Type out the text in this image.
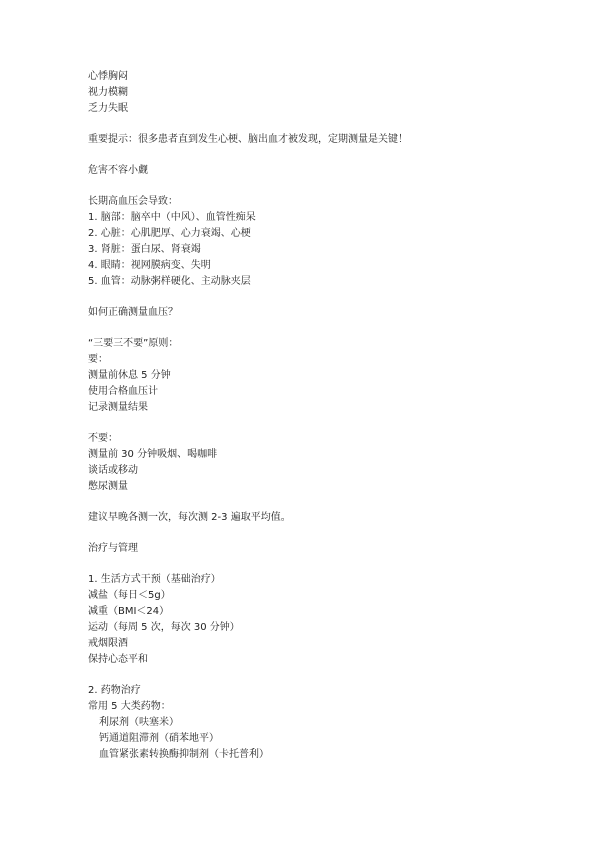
心悸胸闷
视力模糊
乏力失眠
重要提示：很多患者直到发生心梗、脑出血才被发现，定期测量是关键！
危害不容小觑
长期高血压会导致：
1. 脑部：脑卒中（中风）、血管性痴呆
2. 心脏：心肌肥厚、心力衰竭、心梗
3. 肾脏：蛋白尿、肾衰竭
4. 眼睛：视网膜病变、失明
5. 血管：动脉粥样硬化、主动脉夹层
如何正确测量血压？
“三要三不要”原则：
要：
测量前休息 5 分钟
使用合格血压计
记录测量结果
不要：
测量前 30 分钟吸烟、喝咖啡
谈话或移动
憋尿测量
建议早晚各测一次，每次测 2-3 遍取平均值。
治疗与管理
1. 生活方式干预（基础治疗）
减盐（每日＜5g）
减重（BMI＜24）
运动（每周 5 次，每次 30 分钟）
戒烟限酒
保持心态平和
2. 药物治疗
常用 5 大类药物：
利尿剂（呋塞米）
钙通道阻滞剂（硝苯地平）
血管紧张素转换酶抑制剂（卡托普利）
